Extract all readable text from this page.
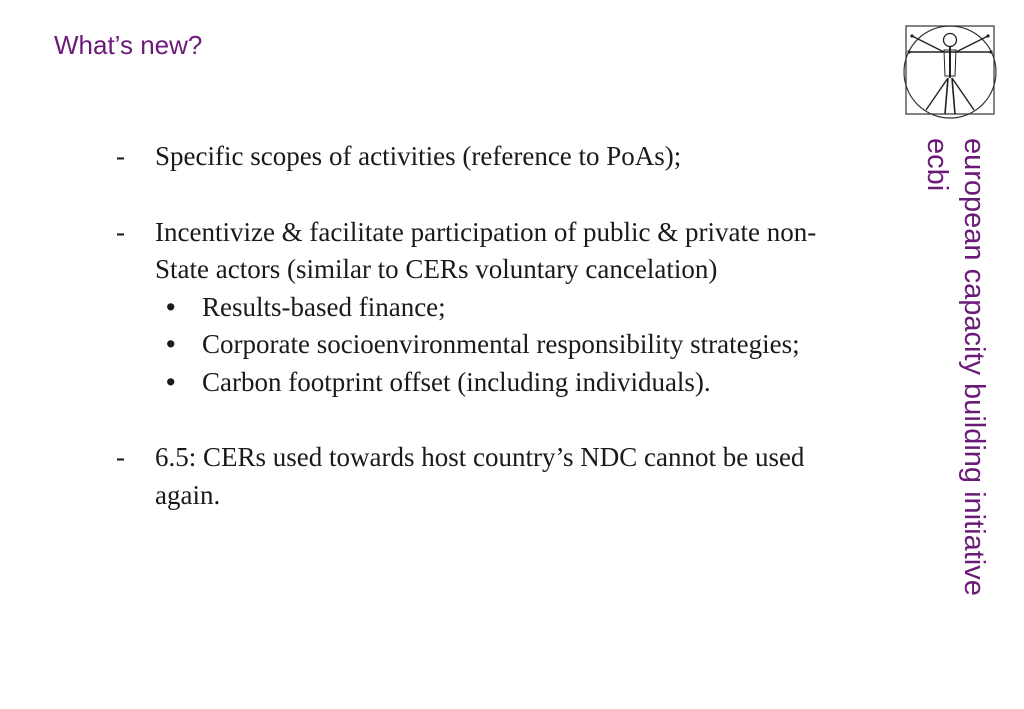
What’s new?
european capacity building initiative
ecbi
- Specific scopes of activities (reference to PoAs);
- Incentivize & facilitate participation of public & private non-State actors (similar to CERs voluntary cancelation)
• Results-based finance;
• Corporate socioenvironmental responsibility strategies;
• Carbon footprint offset (including individuals).
- 6.5: CERs used towards host country’s NDC cannot be used again.
